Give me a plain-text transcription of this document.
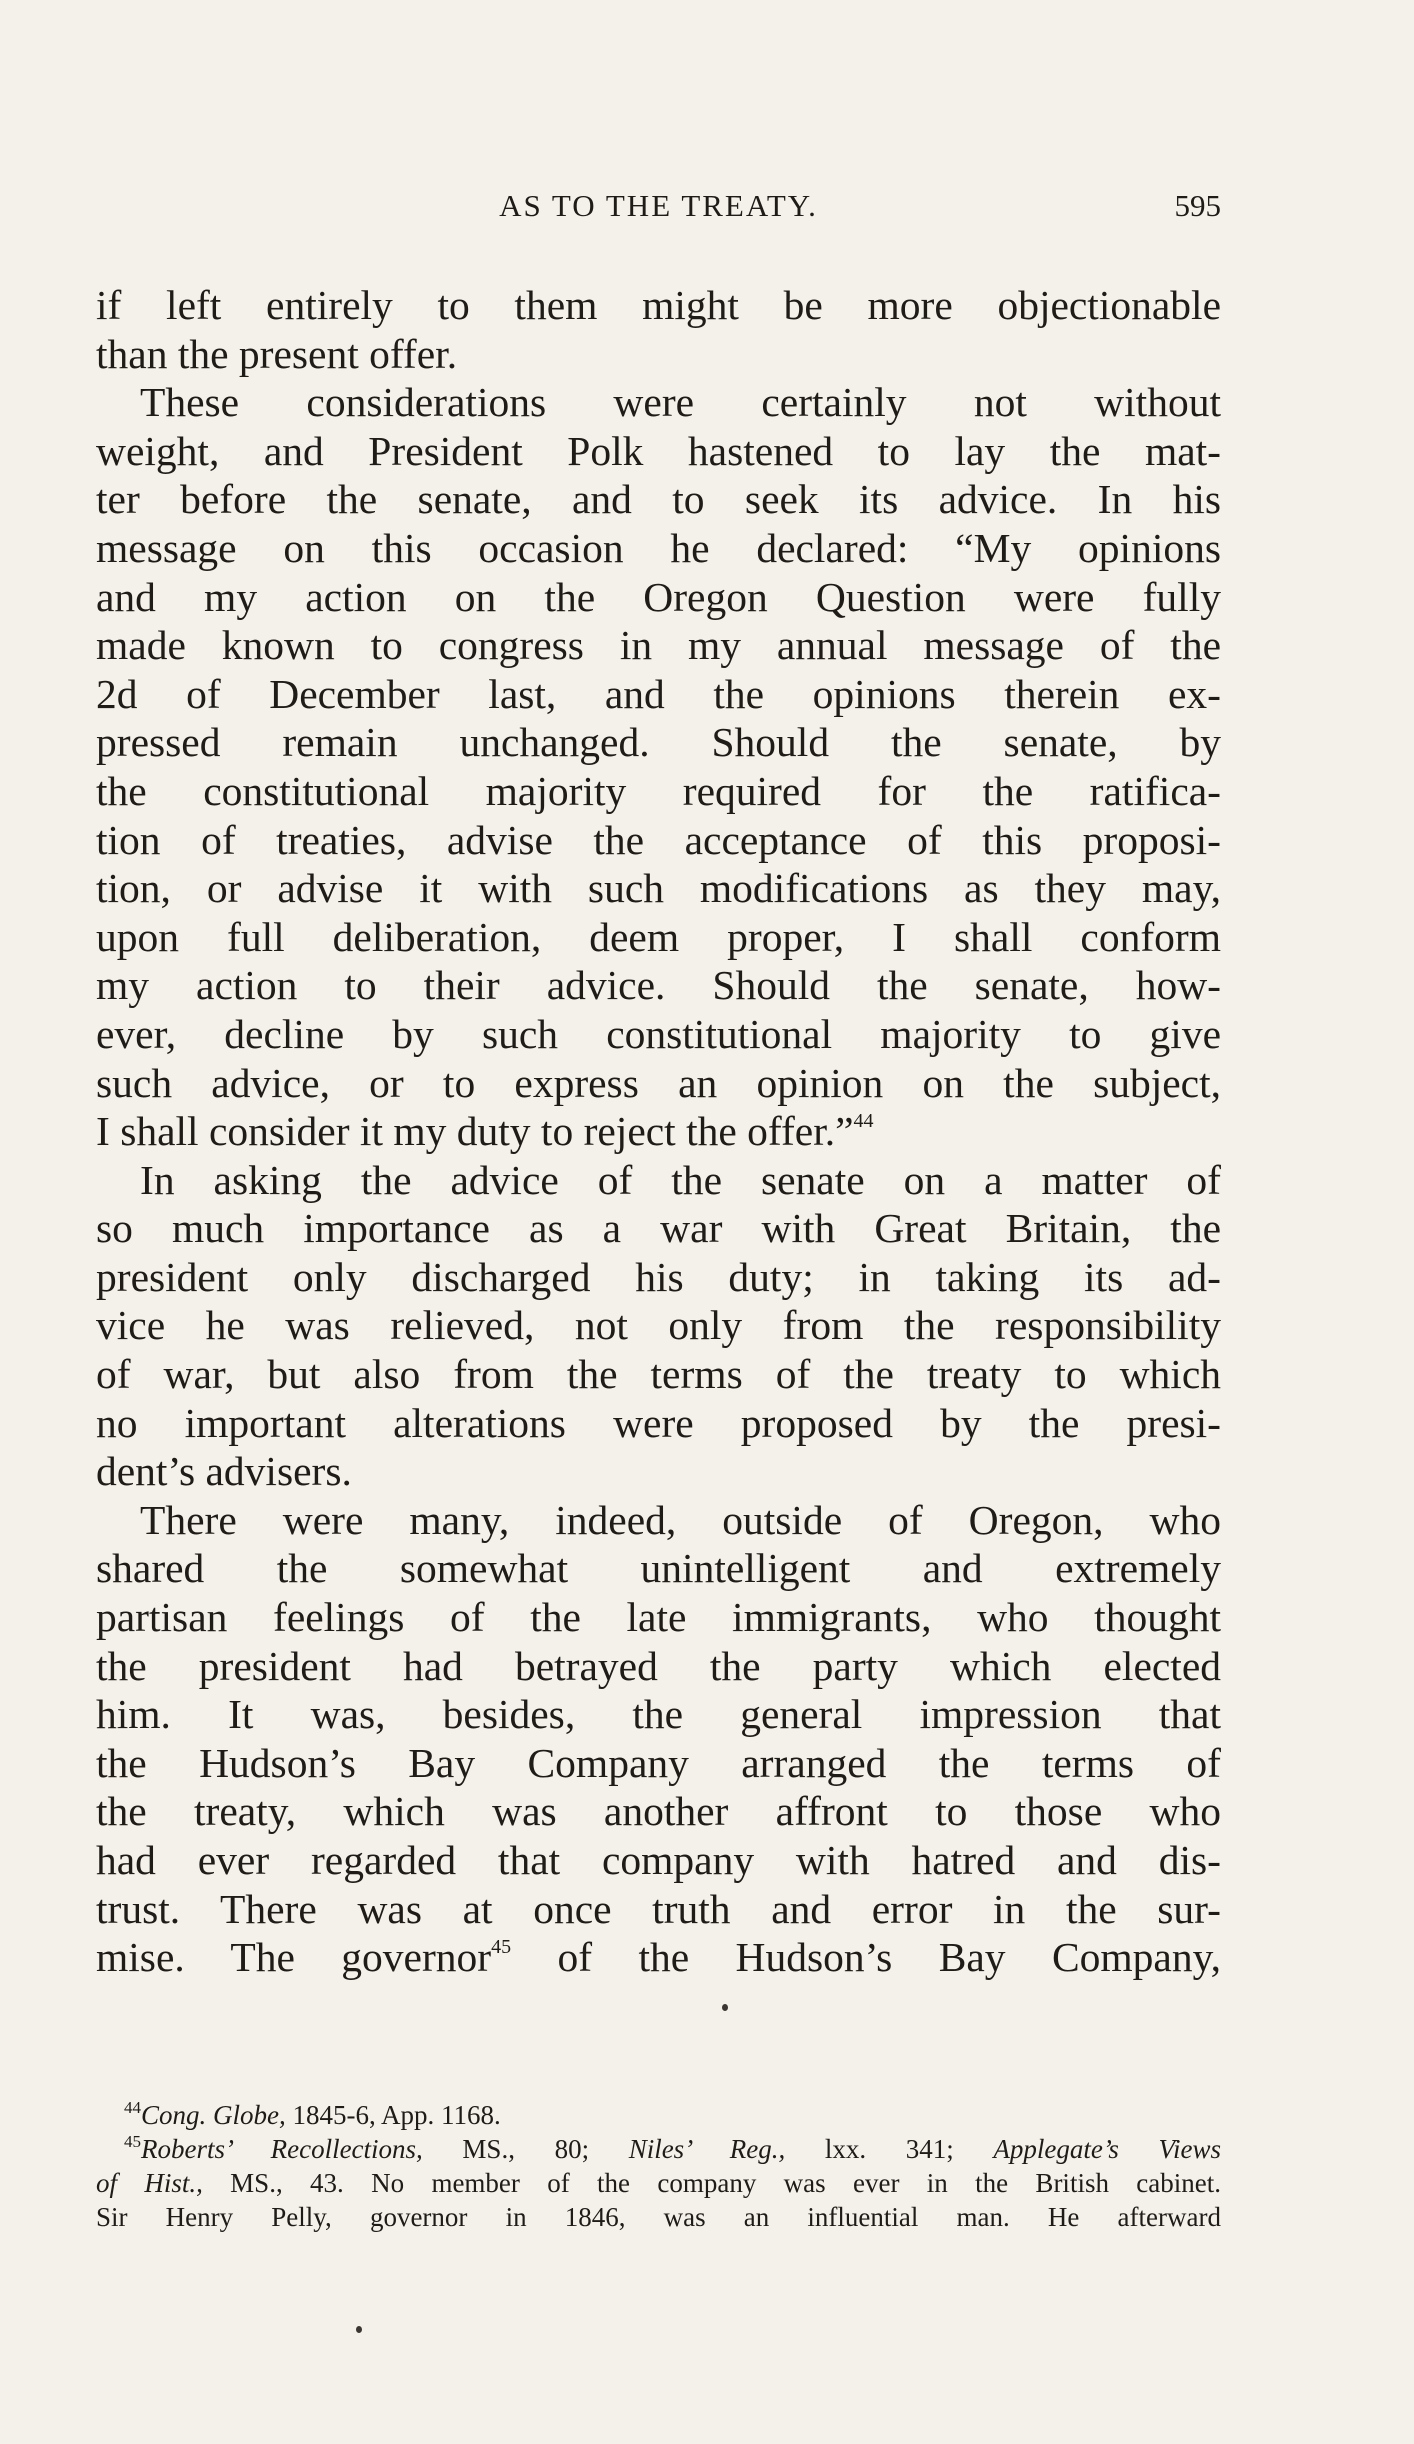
AS TO THE TREATY.	595
if left entirely to them might be more objectionable
than the present offer.
These considerations were certainly not without
weight, and President Polk hastened to lay the mat-
ter before the senate, and to seek its advice. In his
message on this occasion he declared: “My opinions
and my action on the Oregon Question were fully
made known to congress in my annual message of the
2d of December last, and the opinions therein ex-
pressed remain unchanged. Should the senate, by
the constitutional majority required for the ratifica-
tion of treaties, advise the acceptance of this proposi-
tion, or advise it with such modifications as they may,
upon full deliberation, deem proper, I shall conform
my action to their advice. Should the senate, how-
ever, decline by such constitutional majority to give
such advice, or to express an opinion on the subject,
I shall consider it my duty to reject the offer.”$^{44}$
In asking the advice of the senate on a matter of
so much importance as a war with Great Britain, the
president only discharged his duty; in taking its ad-
vice he was relieved, not only from the responsibility
of war, but also from the terms of the treaty to which
no important alterations were proposed by the presi-
dent’s advisers.
There were many, indeed, outside of Oregon, who
shared the somewhat unintelligent and extremely
partisan feelings of the late immigrants, who thought
the president had betrayed the party which elected
him. It was, besides, the general impression that
the Hudson’s Bay Company arranged the terms of
the treaty, which was another affront to those who
had ever regarded that company with hatred and dis-
trust. There was at once truth and error in the sur-
mise. The governor$^{45}$ of the Hudson’s Bay Company,
$^{44}$Cong. Globe, 1845-6, App. 1168.
$^{45}$Roberts’ Recollections, MS., 80; Niles’ Reg., lxx. 341; Applegate’s Views
of Hist., MS., 43. No member of the company was ever in the British cabinet.
Sir Henry Pelly, governor in 1846, was an influential man. He afterward
